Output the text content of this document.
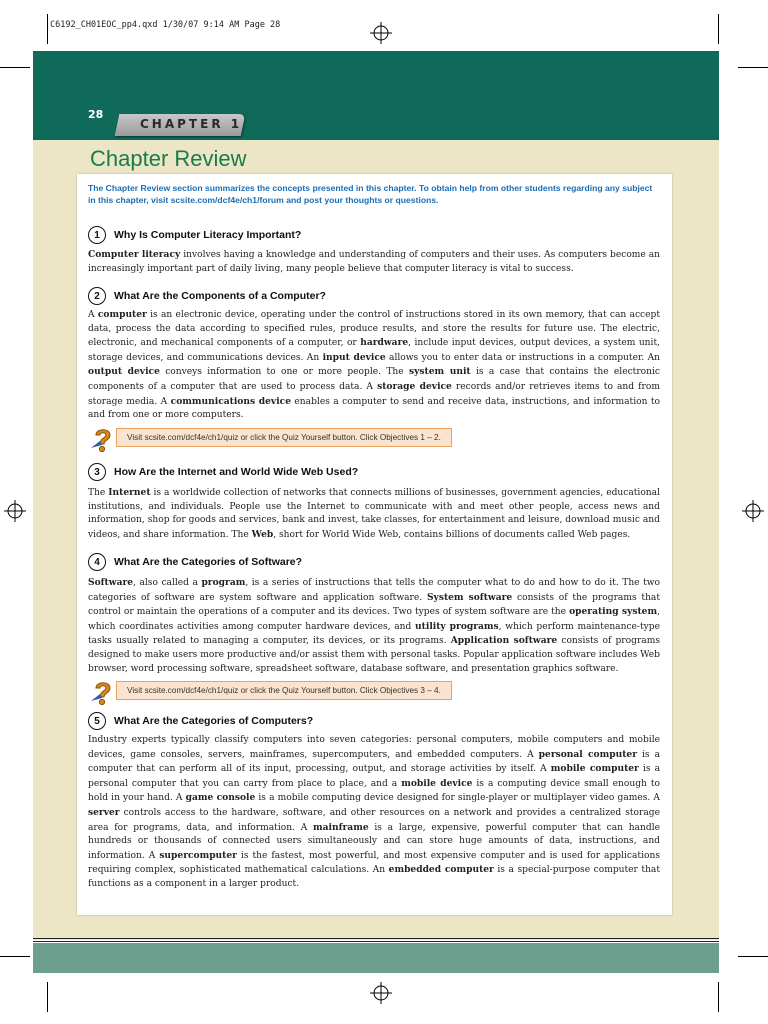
C6192_CH01EOC_pp4.qxd 1/30/07 9:14 AM Page 28
28
CHAPTER 1
Chapter Review
The Chapter Review section summarizes the concepts presented in this chapter. To obtain help from other students regarding any subject in this chapter, visit scsite.com/dcf4e/ch1/forum and post your thoughts or questions.
1	Why Is Computer Literacy Important?
Computer literacy involves having a knowledge and understanding of computers and their uses. As computers become an increasingly important part of daily living, many people believe that computer literacy is vital to success.
2	What Are the Components of a Computer?
A computer is an electronic device, operating under the control of instructions stored in its own memory, that can accept data, process the data according to specified rules, produce results, and store the results for future use. The electric, electronic, and mechanical components of a computer, or hardware, include input devices, output devices, a system unit, storage devices, and communications devices. An input device allows you to enter data or instructions in a computer. An output device conveys information to one or more people. The system unit is a case that contains the electronic components of a computer that are used to process data. A storage device records and/or retrieves items to and from storage media. A communications device enables a computer to send and receive data, instructions, and information to and from one or more computers.
Visit scsite.com/dcf4e/ch1/quiz or click the Quiz Yourself button. Click Objectives 1 – 2.
3	How Are the Internet and World Wide Web Used?
The Internet is a worldwide collection of networks that connects millions of businesses, government agencies, educational institutions, and individuals. People use the Internet to communicate with and meet other people, access news and information, shop for goods and services, bank and invest, take classes, for entertainment and leisure, download music and videos, and share information. The Web, short for World Wide Web, contains billions of documents called Web pages.
4	What Are the Categories of Software?
Software, also called a program, is a series of instructions that tells the computer what to do and how to do it. The two categories of software are system software and application software. System software consists of the programs that control or maintain the operations of a computer and its devices. Two types of system software are the operating system, which coordinates activities among computer hardware devices, and utility programs, which perform maintenance-type tasks usually related to managing a computer, its devices, or its programs. Application software consists of programs designed to make users more productive and/or assist them with personal tasks. Popular application software includes Web browser, word processing software, spreadsheet software, database software, and presentation graphics software.
Visit scsite.com/dcf4e/ch1/quiz or click the Quiz Yourself button. Click Objectives 3 – 4.
5	What Are the Categories of Computers?
Industry experts typically classify computers into seven categories: personal computers, mobile computers and mobile devices, game consoles, servers, mainframes, supercomputers, and embedded computers. A personal computer is a computer that can perform all of its input, processing, output, and storage activities by itself. A mobile computer is a personal computer that you can carry from place to place, and a mobile device is a computing device small enough to hold in your hand. A game console is a mobile computing device designed for single-player or multiplayer video games. A server controls access to the hardware, software, and other resources on a network and provides a centralized storage area for programs, data, and information. A mainframe is a large, expensive, powerful computer that can handle hundreds or thousands of connected users simultaneously and can store huge amounts of data, instructions, and information. A supercomputer is the fastest, most powerful, and most expensive computer and is used for applications requiring complex, sophisticated mathematical calculations. An embedded computer is a special-purpose computer that functions as a component in a larger product.
